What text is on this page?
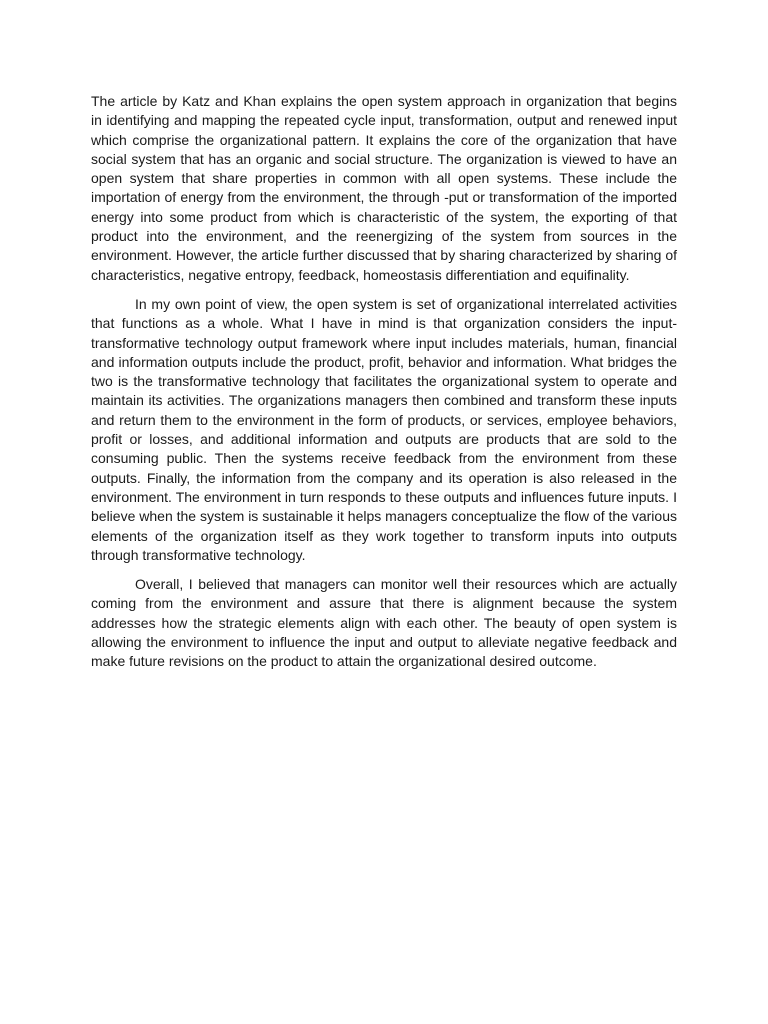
The article by Katz and Khan explains the open system approach in organization that begins in identifying and mapping the repeated cycle input, transformation, output and renewed input which comprise the organizational pattern. It explains the core of the organization that have social system that has an organic and social structure. The organization is viewed to have an open system that share properties in common with all open systems. These include the importation of energy from the environment, the through -put or transformation of the imported energy into some product from which is characteristic of the system, the exporting of that product into the environment, and the reenergizing of the system from sources in the environment. However, the article further discussed that by sharing characterized by sharing of characteristics, negative entropy, feedback, homeostasis differentiation and equifinality.

In my own point of view, the open system is set of organizational interrelated activities that functions as a whole. What I have in mind is that organization considers the input- transformative technology output framework where input includes materials, human, financial and information outputs include the product, profit, behavior and information. What bridges the two is the transformative technology that facilitates the organizational system to operate and maintain its activities. The organizations managers then combined and transform these inputs and return them to the environment in the form of products, or services, employee behaviors, profit or losses, and additional information and outputs are products that are sold to the consuming public. Then the systems receive feedback from the environment from these outputs. Finally, the information from the company and its operation is also released in the environment. The environment in turn responds to these outputs and influences future inputs. I believe when the system is sustainable it helps managers conceptualize the flow of the various elements of the organization itself as they work together to transform inputs into outputs through transformative technology.

Overall, I believed that managers can monitor well their resources which are actually coming from the environment and assure that there is alignment because the system addresses how the strategic elements align with each other. The beauty of open system is allowing the environment to influence the input and output to alleviate negative feedback and make future revisions on the product to attain the organizational desired outcome.
